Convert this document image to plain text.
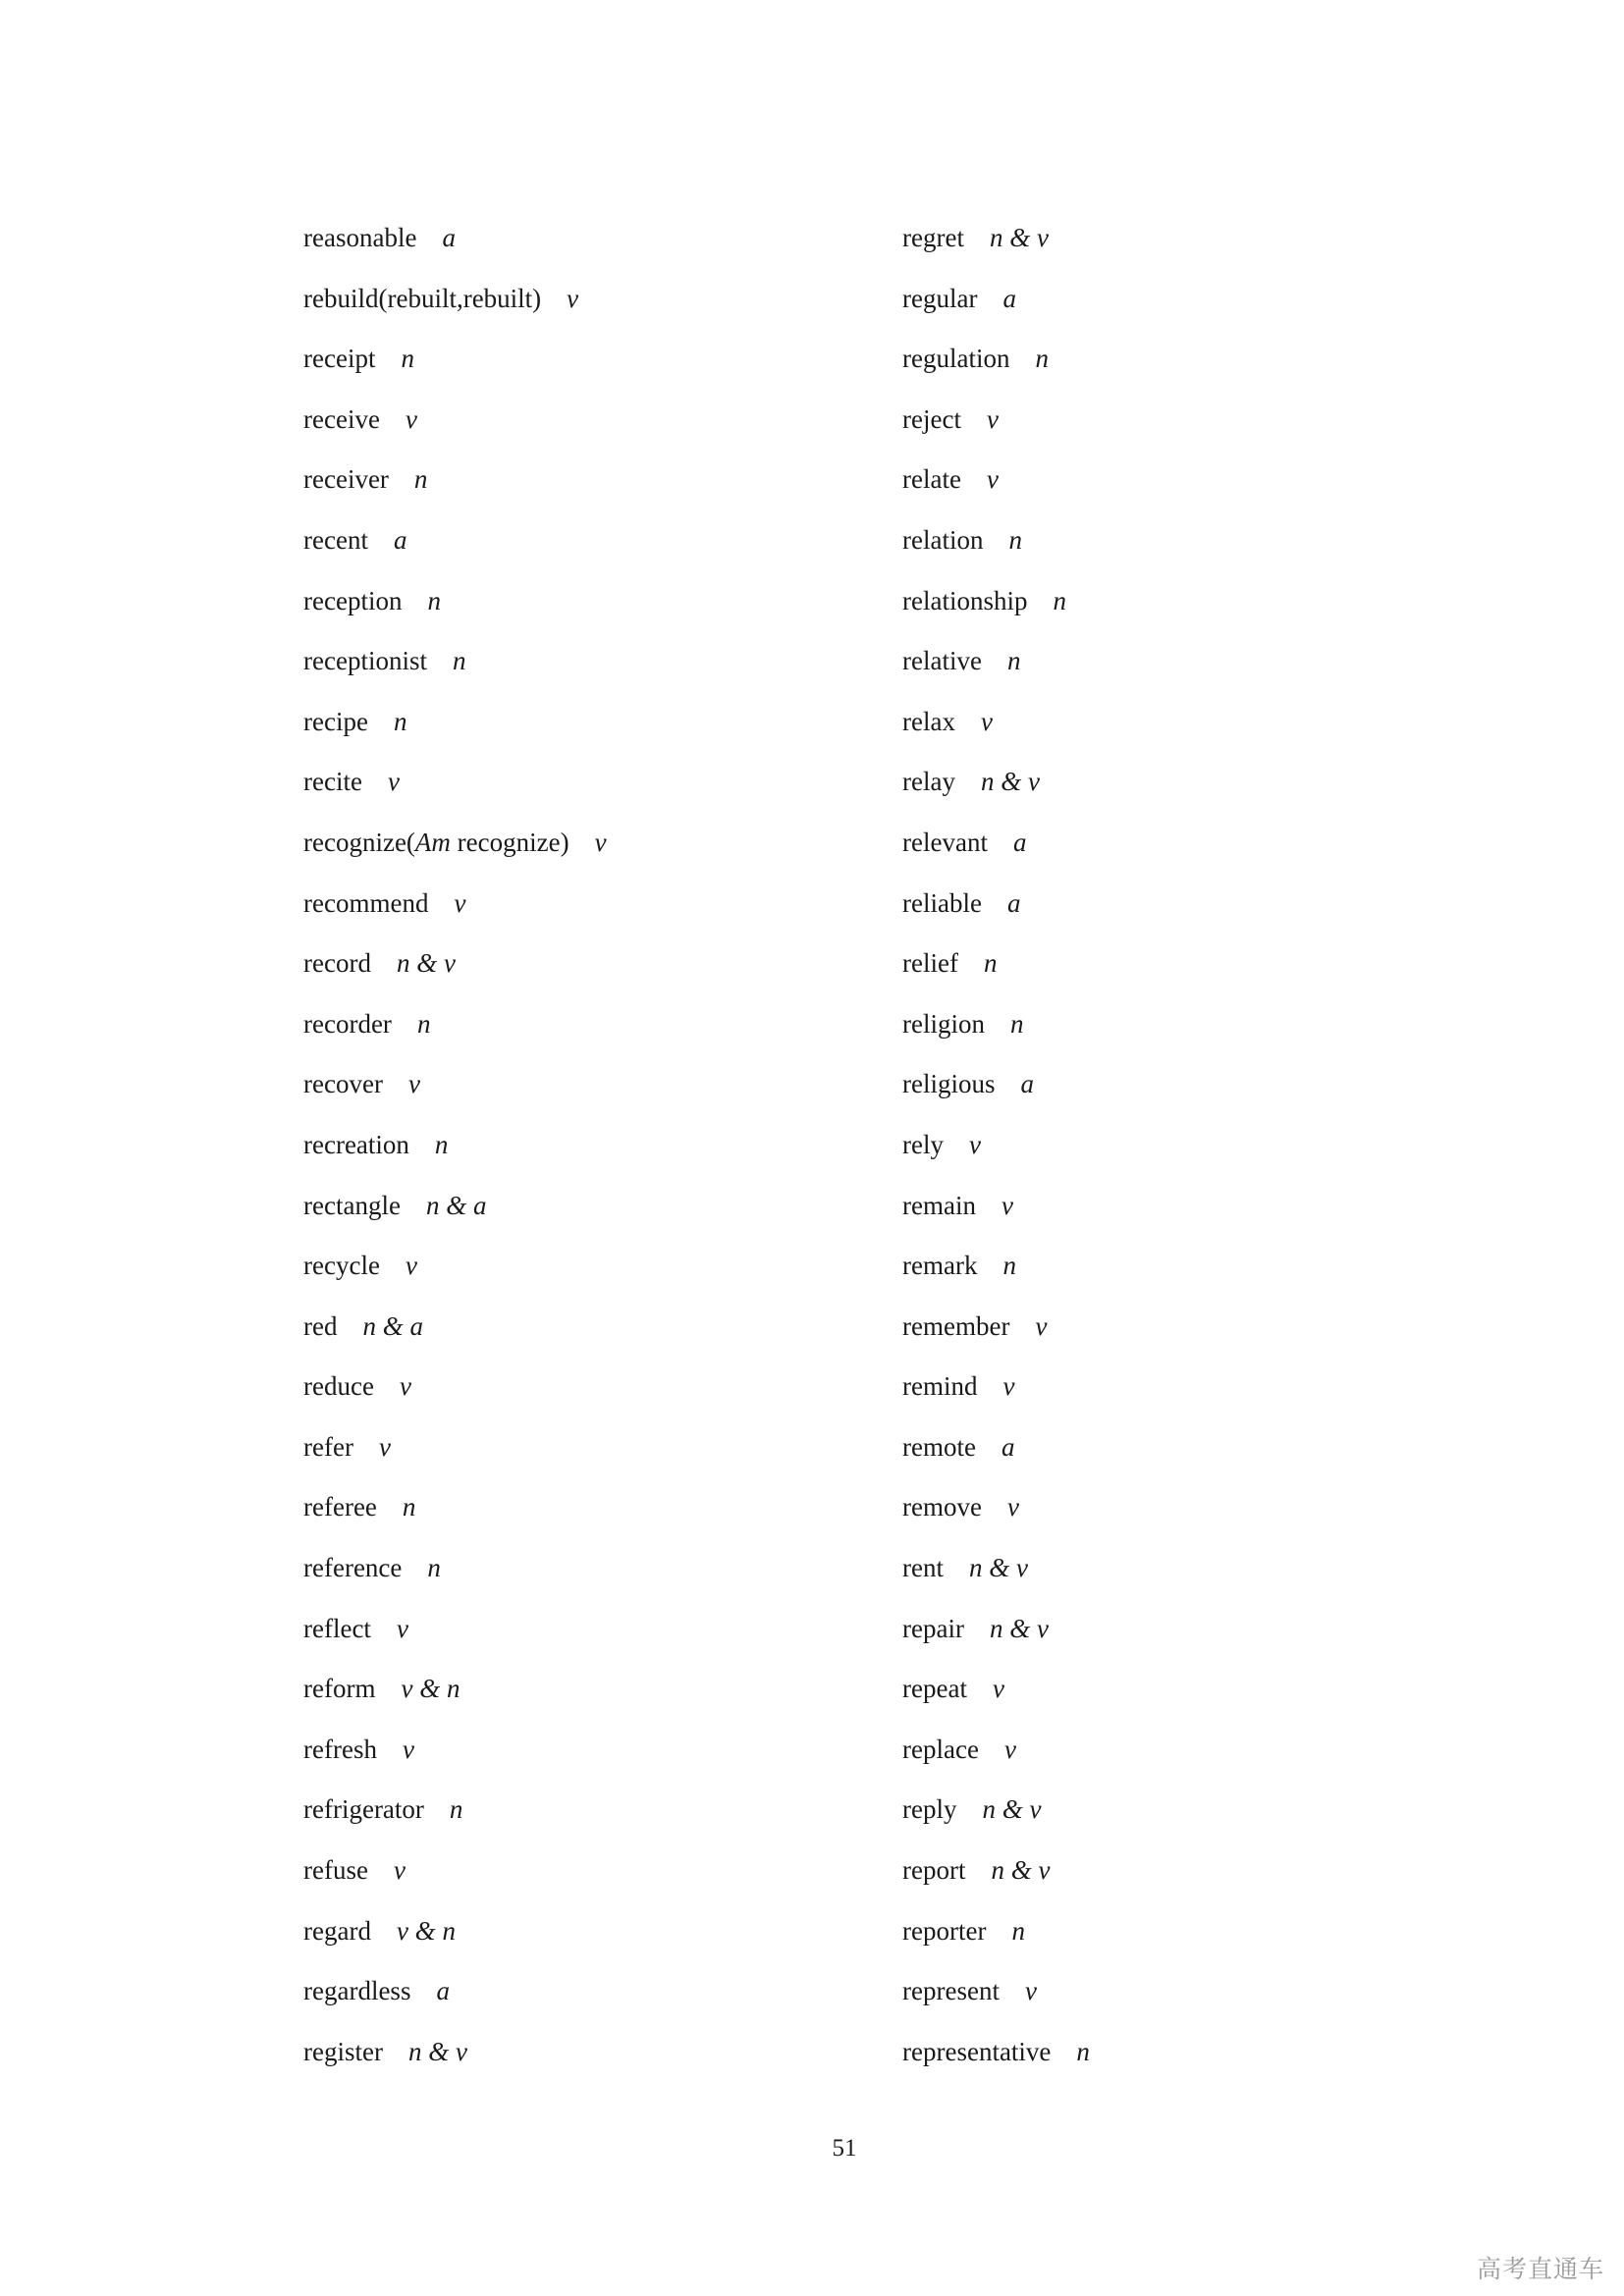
reasonable a
rebuild(rebuilt,rebuilt) v
receipt n
receive v
receiver n
recent a
reception n
receptionist n
recipe n
recite v
recognize(Am recognize) v
recommend v
record n & v
recorder n
recover v
recreation n
rectangle n & a
recycle v
red n & a
reduce v
refer v
referee n
reference n
reflect v
reform v & n
refresh v
refrigerator n
refuse v
regard v & n
regardless a
register n & v
regret n & v
regular a
regulation n
reject v
relate v
relation n
relationship n
relative n
relax v
relay n & v
relevant a
reliable a
relief n
religion n
religious a
rely v
remain v
remark n
remember v
remind v
remote a
remove v
rent n & v
repair n & v
repeat v
replace v
reply n & v
report n & v
reporter n
represent v
representative n
51
高考直通车
